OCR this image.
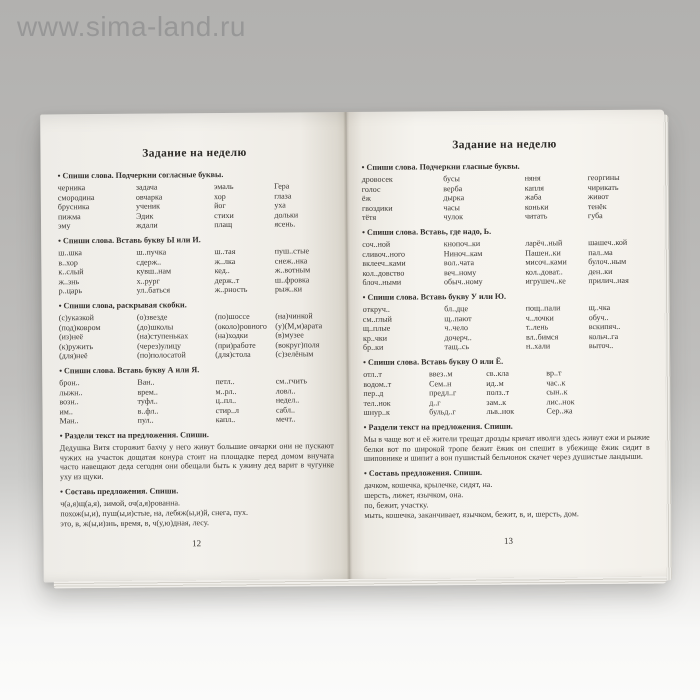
www.sima-land.ru
Задание на неделю
• Спиши слова. Подчеркни согласные буквы.
черника
смородина
брусника
пижма
эму
задача
овчарка
ученик
Эдик
ждали
эмаль
хор
йог
стихи
плащ
Гера
глаза
уха
дольки
ясень.
• Спиши слова. Вставь букву Ы или И.
ш..шка
в..хор
к..слый
ж..знь
р..царь
ш..пучка
сдерж..
кувш..нам
х..рург
ул..баться
ш..тая
ж..лка
кед..
держ..т
ж..рность
пуш..стые
снеж..нка
ж..вотным
ш..фровка
рыж..ки
• Спиши слова, раскрывая скобки.
(с)указкой
(под)ковром
(из)неё
(к)ружить
(для)неё
(о)звезде
(до)школы
(на)ступеньках
(через)улицу
(по)полосатой
(по)шоссе
(около)ровного
(на)ходки
(при)работе
(для)стола
(на)чинкой
(у)(М,м)арата
(в)музее
(вокруг)поля
(с)зелёным
• Спиши слова. Вставь букву А или Я.
брон..
лыжн..
возн..
им..
Ман..
Ван..
врем..
туфл..
в..фл..
пул..
петл..
м..рл..
ц..пл..
стир..л
капл..
см..гчить
ловл..
недел..
сабл..
мечт..
• Раздели текст на предложения. Спиши.
Дедушка Витя сторожит бахчу у него живут большие овчарки они не пускают чужих на участок дощатая конура стоит на площадке перед домом внучата часто навещают деда сегодня они обещали быть к ужину дед варит в чугунке уху из щуки.
• Составь предложения. Спиши.
ч(а,я)щ(а,я), зимой, оч(а,я)рованна.
похож(ы,и), пуш(ы,и)стые, на, лебяж(ы,и)й, снега, пух.
это, в, ж(ы,и)знь, время, в, ч(у,ю)дная, лесу.
12
Задание на неделю
• Спиши слова. Подчеркни гласные буквы.
дровосек
голос
ёж
гвоздики
тётя
бусы
верба
дырка
часы
чулок
няня
капля
жаба
коньки
читать
георгины
чирикать
живот
тенёк
губа
• Спиши слова. Вставь, где надо, Ь.
соч..ной
сливоч..ного
вклееч..ками
кол..довство
блоч..ными
кнопоч..ки
Ниноч..кам
вол..чата
веч..ному
обыч..ному
ларёч..ный
Пашен..ки
мисоч..ками
кол..доват..
игрушеч..ке
шашеч..кой
пал..ма
булоч..ным
ден..ки
прилич..ная
• Спиши слова. Вставь букву У или Ю.
откруч..
см..глый
щ..плые
кр..чки
бр..ки
бл..дце
щ..пают
ч..чело
дочерч..
тащ..сь
пощ..пали
ч..лочки
т..лень
вл..бимся
н..хали
щ..чка
обуч..
вскипяч..
кольч..га
выточ..
• Спиши слова. Вставь букву О или Ё.
отл..т
водом..т
пер..д
тел..нок
шнур..к
ввез..м
Сем..н
предл..г
д..г
бульд..г
св..кла
ид..м
полз..т
зам..к
льв..нок
вр..т
час..к
сын..к
лис..нок
Сер..жа
• Раздели текст на предложения. Спиши.
Мы в чаще вот и её жители трещат дрозды кричат иволги здесь живут ежи и рыжие белки вот по широкой тропе бежит ёжик он спешит в убежище ёжик сидит в шиповнике и шипит а вон пушистый бельчонок скачет через душистые ландыши.
• Составь предложения. Спиши.
дачком, кошечка, крылечке, сидят, на.
шерсть, лижет, язычком, она.
по, бежит, участку.
мыть, кошечка, заканчивает, язычком, бежит, в, и, шерсть, дом.
13
